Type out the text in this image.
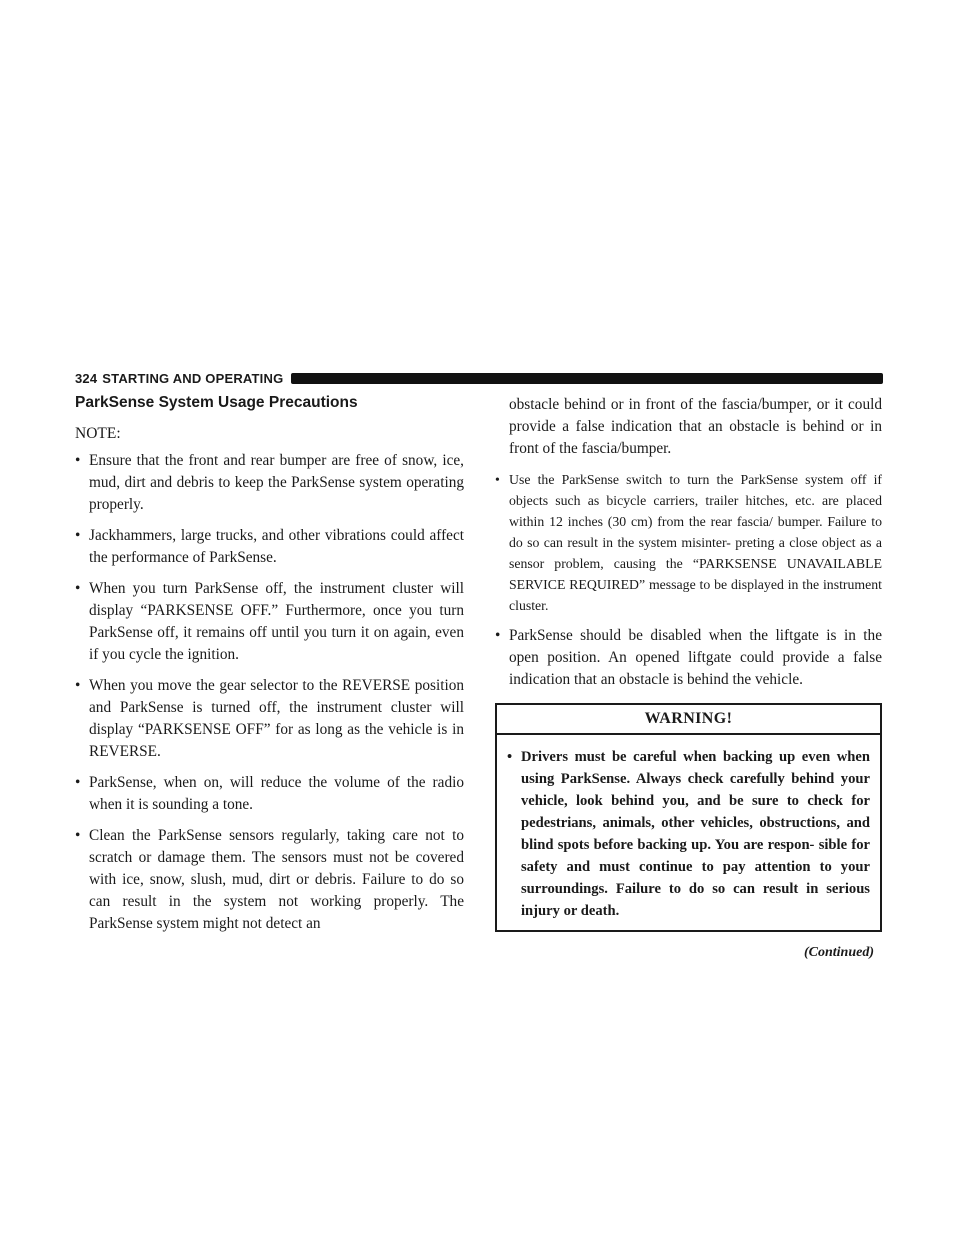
324 STARTING AND OPERATING
ParkSense System Usage Precautions
NOTE:
• Ensure that the front and rear bumper are free of snow, ice, mud, dirt and debris to keep the ParkSense system operating properly.
• Jackhammers, large trucks, and other vibrations could affect the performance of ParkSense.
• When you turn ParkSense off, the instrument cluster will display “PARKSENSE OFF.” Furthermore, once you turn ParkSense off, it remains off until you turn it on again, even if you cycle the ignition.
• When you move the gear selector to the REVERSE position and ParkSense is turned off, the instrument cluster will display “PARKSENSE OFF” for as long as the vehicle is in REVERSE.
• ParkSense, when on, will reduce the volume of the radio when it is sounding a tone.
• Clean the ParkSense sensors regularly, taking care not to scratch or damage them. The sensors must not be covered with ice, snow, slush, mud, dirt or debris. Failure to do so can result in the system not working properly. The ParkSense system might not detect an
obstacle behind or in front of the fascia/bumper, or it could provide a false indication that an obstacle is behind or in front of the fascia/bumper.
• Use the ParkSense switch to turn the ParkSense system off if objects such as bicycle carriers, trailer hitches, etc. are placed within 12 inches (30 cm) from the rear fascia/ bumper. Failure to do so can result in the system misinter- preting a close object as a sensor problem, causing the “PARKSENSE UNAVAILABLE SERVICE REQUIRED” message to be displayed in the instrument cluster.
• ParkSense should be disabled when the liftgate is in the open position. An opened liftgate could provide a false indication that an obstacle is behind the vehicle.
WARNING!
• Drivers must be careful when backing up even when using ParkSense. Always check carefully behind your vehicle, look behind you, and be sure to check for pedestrians, animals, other vehicles, obstructions, and blind spots before backing up. You are respon- sible for safety and must continue to pay attention to your surroundings. Failure to do so can result in serious injury or death.
(Continued)
